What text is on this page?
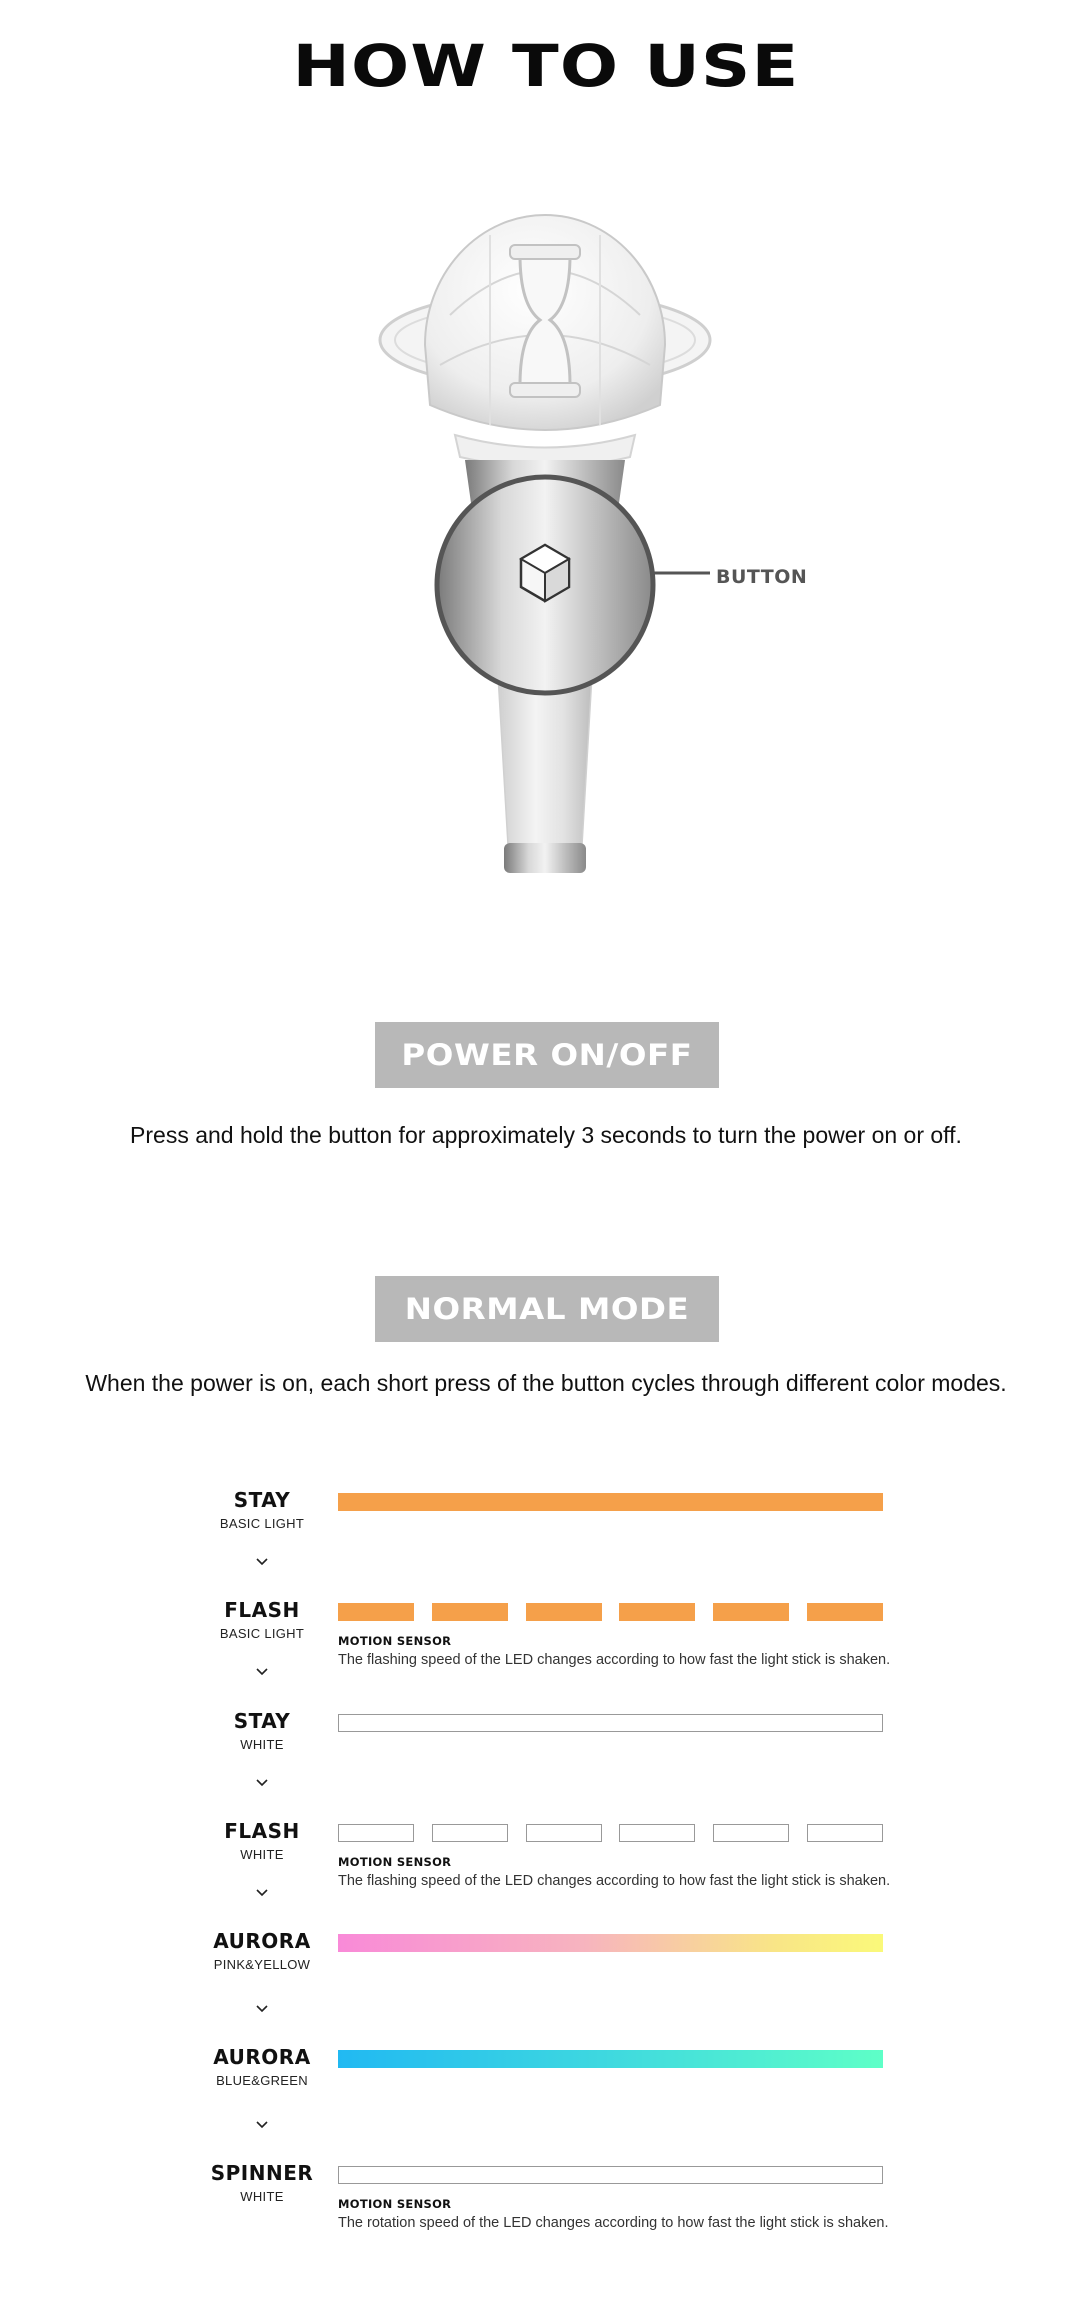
HOW TO USE
BUTTON
POWER ON/OFF
Press and hold the button for approximately 3 seconds to turn the power on or off.
NORMAL MODE
When the power is on, each short press of the button cycles through different color modes.
STAY
BASIC LIGHT
FLASH
BASIC LIGHT	MOTION SENSOR
The flashing speed of the LED changes according to how fast the light stick is shaken.
STAY
WHITE
FLASH
WHITE	MOTION SENSOR
The flashing speed of the LED changes according to how fast the light stick is shaken.
AURORA
PINK&YELLOW
AURORA
BLUE&GREEN
SPINNER
WHITE	MOTION SENSOR
The rotation speed of the LED changes according to how fast the light stick is shaken.
